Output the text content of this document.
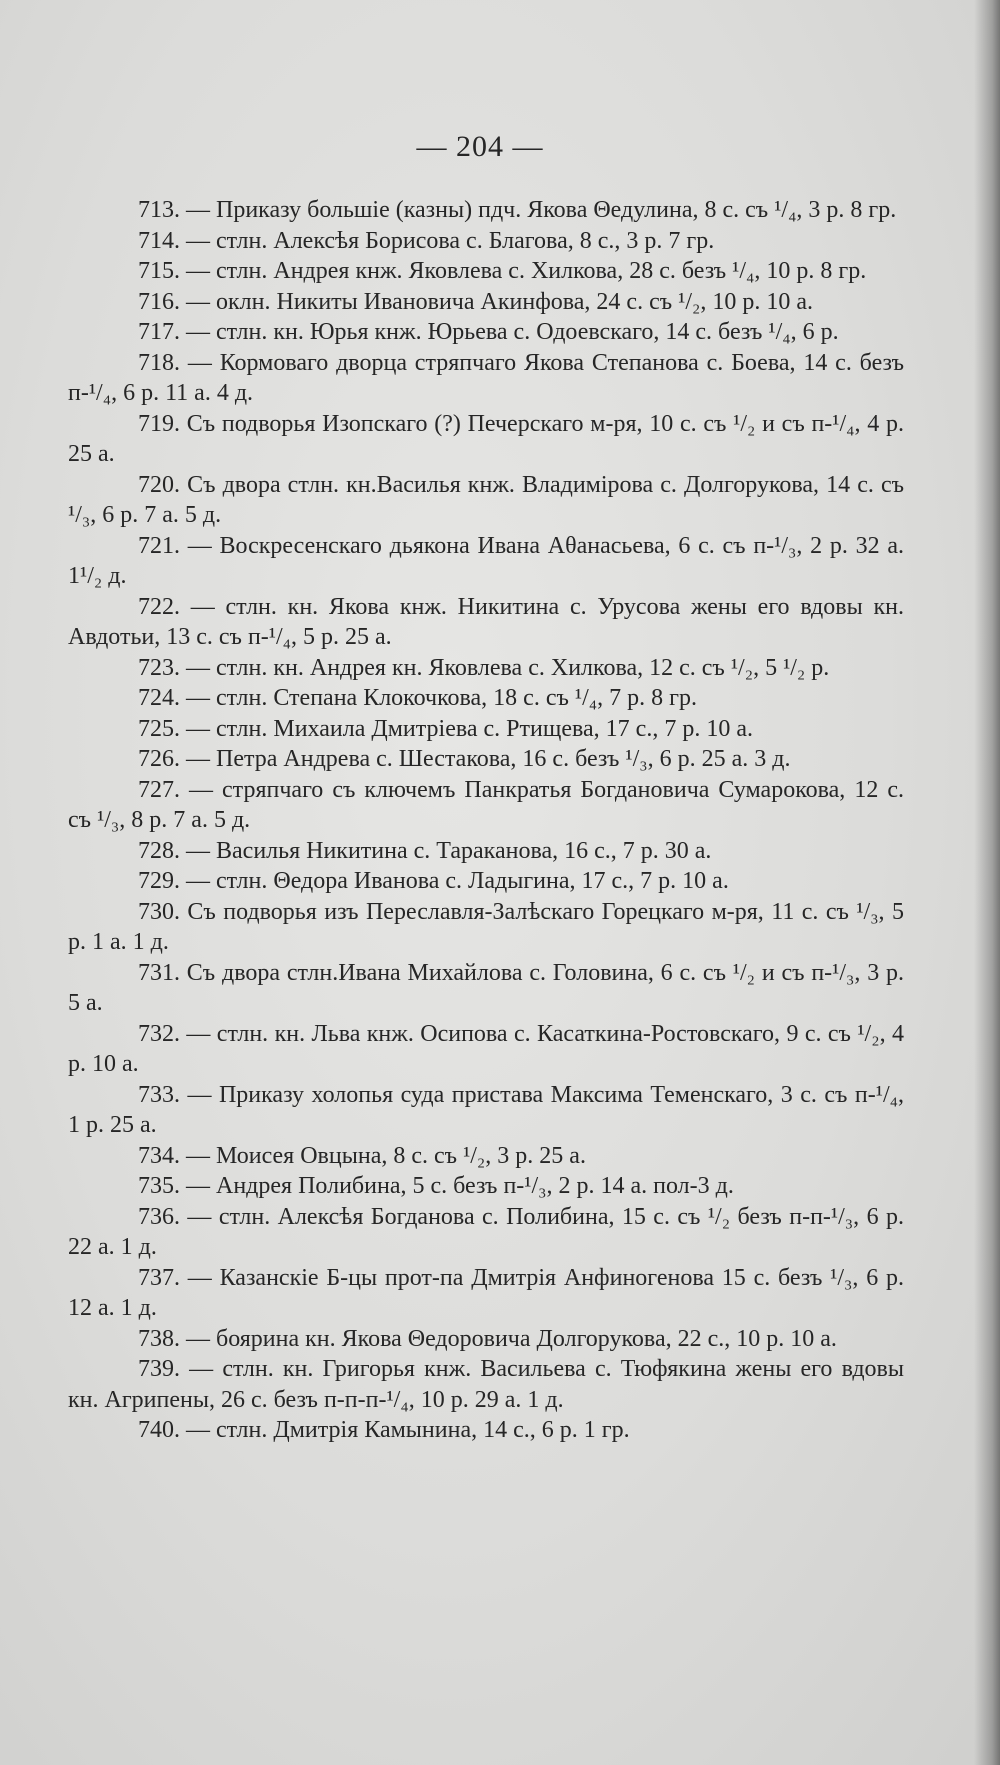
— 204 —

713. — Приказу большіе (казны) пдч. Якова Θедулина, 8 с. съ ¹/₄, 3 р. 8 гр.

714. — стлн. Алексѣя Борисова с. Благова, 8 с., 3 р. 7 гр.

715. — стлн. Андрея кнж. Яковлева с. Хилкова, 28 с. безъ ¹/₄, 10 р. 8 гр.

716. — оклн. Никиты Ивановича Акинфова, 24 с. съ ¹/₂, 10 р. 10 а.

717. — стлн. кн. Юрья кнж. Юрьева с. Одоевскаго, 14 с. безъ ¹/₄, 6 р.

718. — Кормоваго дворца стряпчаго Якова Степанова с. Боева, 14 с. безъ п-¹/₄, 6 р. 11 а. 4 д.

719. Съ подворья Изопскаго (?) Печерскаго м-ря, 10 с. съ ¹/₂ и съ п-¹/₄, 4 р. 25 а.

720. Съ двора стлн. кн.Василья кнж. Владимірова с. Долгорукова, 14 с. съ ¹/₃, 6 р. 7 а. 5 д.

721. — Воскресенскаго дьякона Ивана Аθанасьева, 6 с. съ п-¹/₃, 2 р. 32 а. 1¹/₂ д.

722. — стлн. кн. Якова кнж. Никитина с. Урусова жены его вдовы кн. Авдотьи, 13 с. съ п-¹/₄, 5 р. 25 а.

723. — стлн. кн. Андрея кн. Яковлева с. Хилкова, 12 с. съ ¹/₂, 5 ¹/₂ р.

724. — стлн. Степана Клокочкова, 18 с. съ ¹/₄, 7 р. 8 гр.

725. — стлн. Михаила Дмитріева с. Ртищева, 17 с., 7 р. 10 а.

726. — Петра Андрева с. Шестакова, 16 с. безъ ¹/₃, 6 р. 25 а. 3 д.

727. — стряпчаго съ ключемъ Панкратья Богдановича Сумарокова, 12 с. съ ¹/₃, 8 р. 7 а. 5 д.

728. — Василья Никитина с. Тараканова, 16 с., 7 р. 30 а.

729. — стлн. Θедора Иванова с. Ладыгина, 17 с., 7 р. 10 а.

730. Съ подворья изъ Переславля-Залѣскаго Горецкаго м-ря, 11 с. съ ¹/₃, 5 р. 1 а. 1 д.

731. Съ двора стлн.Ивана Михайлова с. Головина, 6 с. съ ¹/₂ и съ п-¹/₃, 3 р. 5 а.

732. — стлн. кн. Льва кнж. Осипова с. Касаткина-Ростовскаго, 9 с. съ ¹/₂, 4 р. 10 а.

733. — Приказу холопья суда пристава Максима Теменскаго, 3 с. съ п-¹/₄, 1 р. 25 а.

734. — Моисея Овцына, 8 с. съ ¹/₂, 3 р. 25 а.

735. — Андрея Полибина, 5 с. безъ п-¹/₃, 2 р. 14 а. пол-3 д.

736. — стлн. Алексѣя Богданова с. Полибина, 15 с. съ ¹/₂ безъ п-п-¹/₃, 6 р. 22 а. 1 д.

737. — Казанскіе Б-цы прот-па Дмитрія Анфиногенова 15 с. безъ ¹/₃, 6 р. 12 а. 1 д.

738. — боярина кн. Якова Θедоровича Долгорукова, 22 с., 10 р. 10 а.

739. — стлн. кн. Григорья кнж. Васильева с. Тюфякина жены его вдовы кн. Агрипены, 26 с. безъ п-п-п-¹/₄, 10 р. 29 а. 1 д.

740. — стлн. Дмитрія Камынина, 14 с., 6 р. 1 гр.
